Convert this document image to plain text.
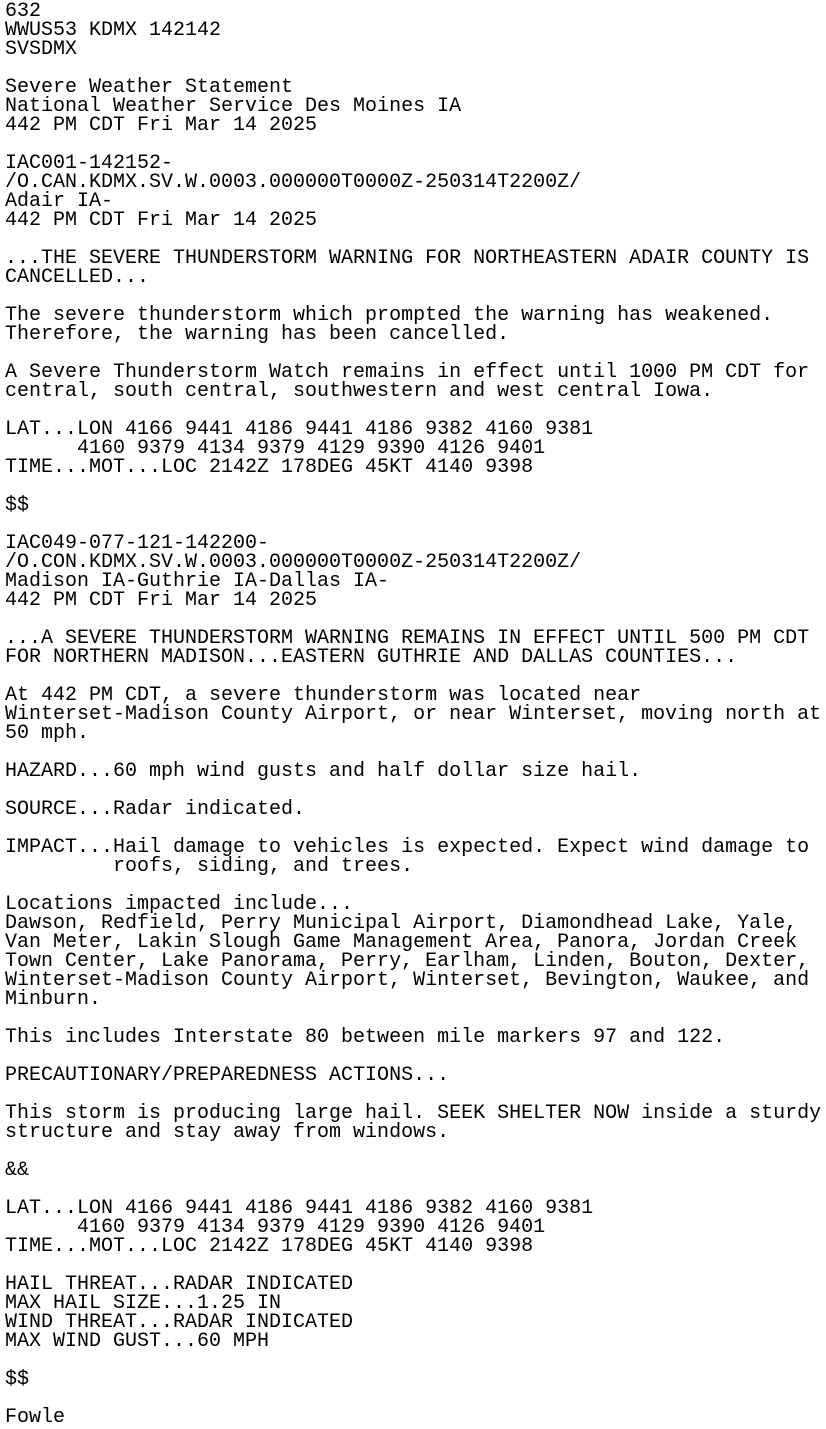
632
WWUS53 KDMX 142142
SVSDMX
Severe Weather Statement
National Weather Service Des Moines IA
442 PM CDT Fri Mar 14 2025
IAC001-142152-
/O.CAN.KDMX.SV.W.0003.000000T0000Z-250314T2200Z/
Adair IA-
442 PM CDT Fri Mar 14 2025
...THE SEVERE THUNDERSTORM WARNING FOR NORTHEASTERN ADAIR COUNTY IS
CANCELLED...
The severe thunderstorm which prompted the warning has weakened.
Therefore, the warning has been cancelled.
A Severe Thunderstorm Watch remains in effect until 1000 PM CDT for
central, south central, southwestern and west central Iowa.
LAT...LON 4166 9441 4186 9441 4186 9382 4160 9381
4160 9379 4134 9379 4129 9390 4126 9401
TIME...MOT...LOC 2142Z 178DEG 45KT 4140 9398
$$
IAC049-077-121-142200-
/O.CON.KDMX.SV.W.0003.000000T0000Z-250314T2200Z/
Madison IA-Guthrie IA-Dallas IA-
442 PM CDT Fri Mar 14 2025
...A SEVERE THUNDERSTORM WARNING REMAINS IN EFFECT UNTIL 500 PM CDT
FOR NORTHERN MADISON...EASTERN GUTHRIE AND DALLAS COUNTIES...
At 442 PM CDT, a severe thunderstorm was located near
Winterset-Madison County Airport, or near Winterset, moving north at
50 mph.
HAZARD...60 mph wind gusts and half dollar size hail.
SOURCE...Radar indicated.
IMPACT...Hail damage to vehicles is expected. Expect wind damage to
roofs, siding, and trees.
Locations impacted include...
Dawson, Redfield, Perry Municipal Airport, Diamondhead Lake, Yale,
Van Meter, Lakin Slough Game Management Area, Panora, Jordan Creek
Town Center, Lake Panorama, Perry, Earlham, Linden, Bouton, Dexter,
Winterset-Madison County Airport, Winterset, Bevington, Waukee, and
Minburn.
This includes Interstate 80 between mile markers 97 and 122.
PRECAUTIONARY/PREPAREDNESS ACTIONS...
This storm is producing large hail. SEEK SHELTER NOW inside a sturdy
structure and stay away from windows.
&&
LAT...LON 4166 9441 4186 9441 4186 9382 4160 9381
4160 9379 4134 9379 4129 9390 4126 9401
TIME...MOT...LOC 2142Z 178DEG 45KT 4140 9398
HAIL THREAT...RADAR INDICATED
MAX HAIL SIZE...1.25 IN
WIND THREAT...RADAR INDICATED
MAX WIND GUST...60 MPH
$$
Fowle
